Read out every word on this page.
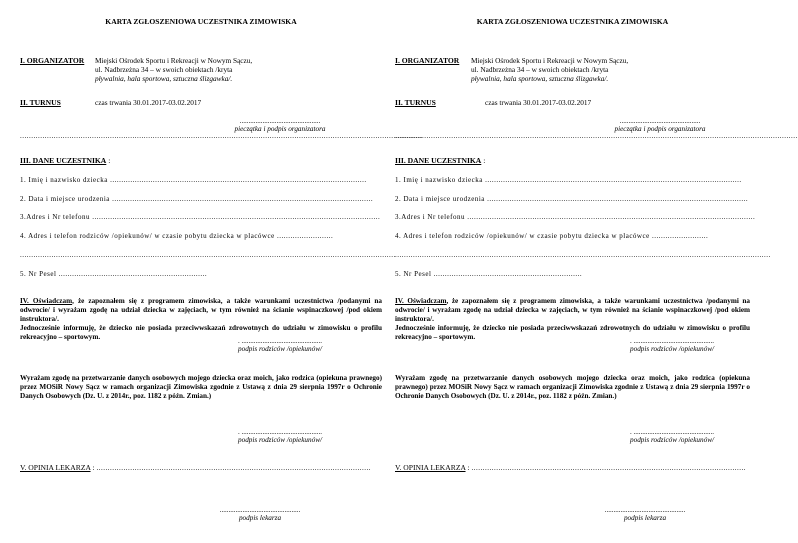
KARTA ZGŁOSZENIOWA UCZESTNIKA ZIMOWISKA
I. ORGANIZATOR Miejski Ośrodek Sportu i Rekreacji w Nowym Sączu,
ul. Nadbrzeżna 34 – w swoich obiektach /kryta
pływalnia, hala sportowa, sztuczna ślizgawka/.
II. TURNUS	czas trwania 30.01.2017-03.02.2017
..............................................
pieczątka i podpis organizatora
...................................................................................................................................................................................
III. DANE UCZESTNIKA :
1. Imię i nazwisko dziecka ..................................................................................................................
2. Data i miejsce urodzenia ....................................................................................................................
3.Adres i Nr telefonu ................................................................................................................................
4. Adres i telefon rodziców /opiekunów/ w czasie pobytu dziecka w placówce .........................
.......................................................................................................................................................................
5. Nr Pesel ..................................................................
IV. Oświadczam, że zapoznałem się z programem zimowiska, a także warunkami uczestnictwa /podanymi na odwrocie/ i wyrażam zgodę na udział dziecka w zajęciach, w tym również na ścianie wspinaczkowej /pod okiem instruktora/.
Jednocześnie informuję, że dziecko nie posiada przeciwwskazań zdrowotnych do udziału w zimowisku o profilu rekreacyjno – sportowym.	. ..............................................
podpis rodziców /opiekunów/
Wyrażam zgodę na przetwarzanie danych osobowych mojego dziecka oraz moich, jako rodzica (opiekuna prawnego) przez MOSiR Nowy Sącz w ramach organizacji Zimowiska zgodnie z Ustawą z dnia 29 sierpnia 1997r o Ochronie Danych Osobowych (Dz. U. z 2014r., poz. 1182 z późn. Zmian.)
. ..............................................
podpis rodziców /opiekunów/
V. OPINIA LEKARZA : ..........................................................................................................................
..............................................
podpis lekarza
KARTA ZGŁOSZENIOWA UCZESTNIKA ZIMOWISKA
I. ORGANIZATOR Miejski Ośrodek Sportu i Rekreacji w Nowym Sączu,
ul. Nadbrzeżna 34 – w swoich obiektach /kryta
pływalnia, hala sportowa, sztuczna ślizgawka/.
II. TURNUS	czas trwania 30.01.2017-03.02.2017
..............................................
pieczątka i podpis organizatora
...................................................................................................................................................................................
III. DANE UCZESTNIKA :
1. Imię i nazwisko dziecka ..................................................................................................................
2. Data i miejsce urodzenia ....................................................................................................................
3.Adres i Nr telefonu ................................................................................................................................
4. Adres i telefon rodziców /opiekunów/ w czasie pobytu dziecka w placówce .........................
.......................................................................................................................................................................
5. Nr Pesel ..................................................................
IV. Oświadczam, że zapoznałem się z programem zimowiska, a także warunkami uczestnictwa /podanymi na odwrocie/ i wyrażam zgodę na udział dziecka w zajęciach, w tym również na ścianie wspinaczkowej /pod okiem instruktora/.
Jednocześnie informuję, że dziecko nie posiada przeciwwskazań zdrowotnych do udziału w zimowisku o profilu rekreacyjno – sportowym.	. ..............................................
podpis rodziców /opiekunów/
Wyrażam zgodę na przetwarzanie danych osobowych mojego dziecka oraz moich, jako rodzica (opiekuna prawnego) przez MOSiR Nowy Sącz w ramach organizacji Zimowiska zgodnie z Ustawą z dnia 29 sierpnia 1997r o Ochronie Danych Osobowych (Dz. U. z 2014r., poz. 1182 z późn. Zmian.)
. ..............................................
podpis rodziców /opiekunów/
V. OPINIA LEKARZA : ..........................................................................................................................
..............................................
podpis lekarza
